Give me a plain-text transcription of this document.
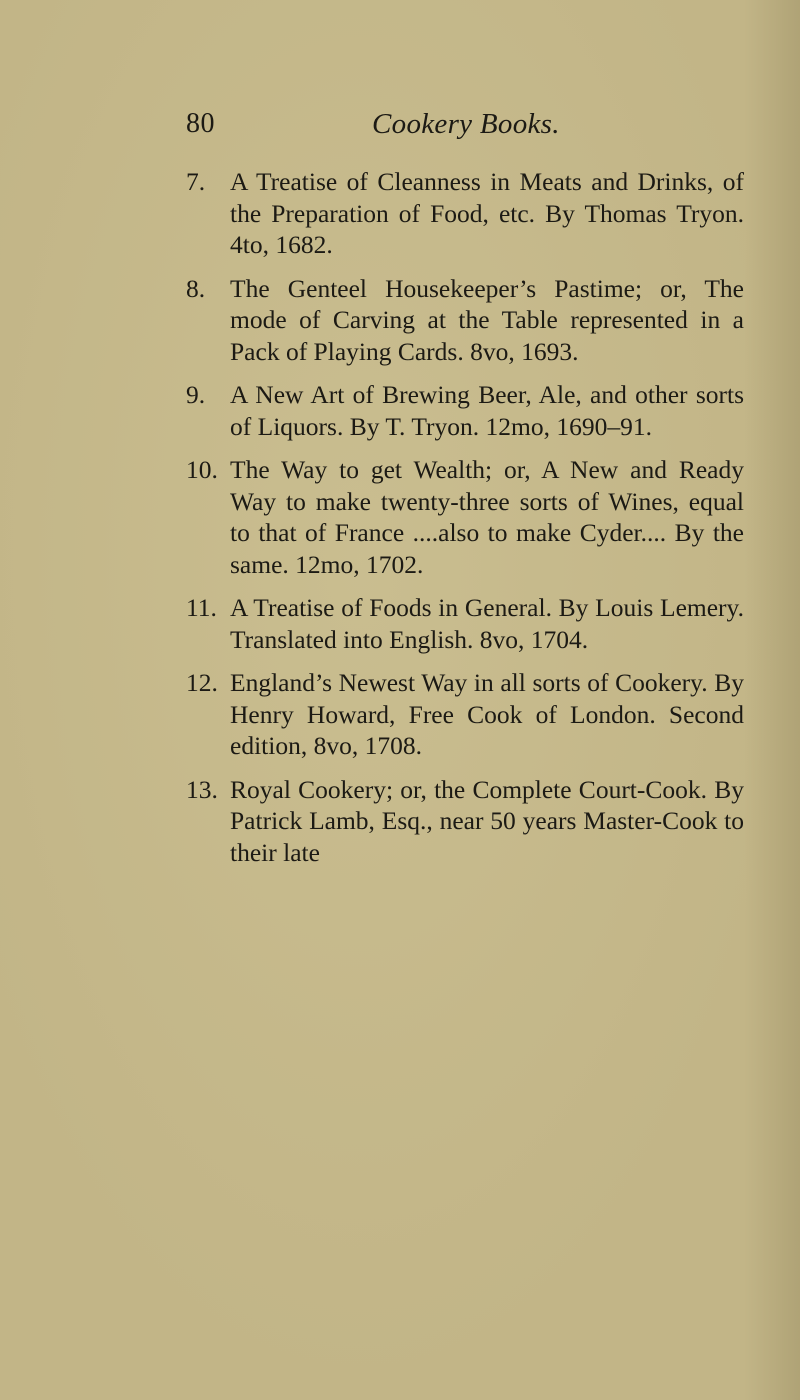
80	Cookery Books.
7. A Treatise of Cleanness in Meats and Drinks, of the Preparation of Food, etc. By Thomas Tryon. 4to, 1682.
8. The Genteel Housekeeper’s Pastime; or, The mode of Carving at the Table represented in a Pack of Playing Cards. 8vo, 1693.
9. A New Art of Brewing Beer, Ale, and other sorts of Liquors. By T. Tryon. 12mo, 1690–91.
10. The Way to get Wealth; or, A New and Ready Way to make twenty-three sorts of Wines, equal to that of France ....also to make Cyder.... By the same. 12mo, 1702.
11. A Treatise of Foods in General. By Louis Lemery. Translated into English. 8vo, 1704.
12. England’s Newest Way in all sorts of Cookery. By Henry Howard, Free Cook of London. Second edition, 8vo, 1708.
13. Royal Cookery; or, the Complete Court-Cook. By Patrick Lamb, Esq., near 50 years Master-Cook to their late
